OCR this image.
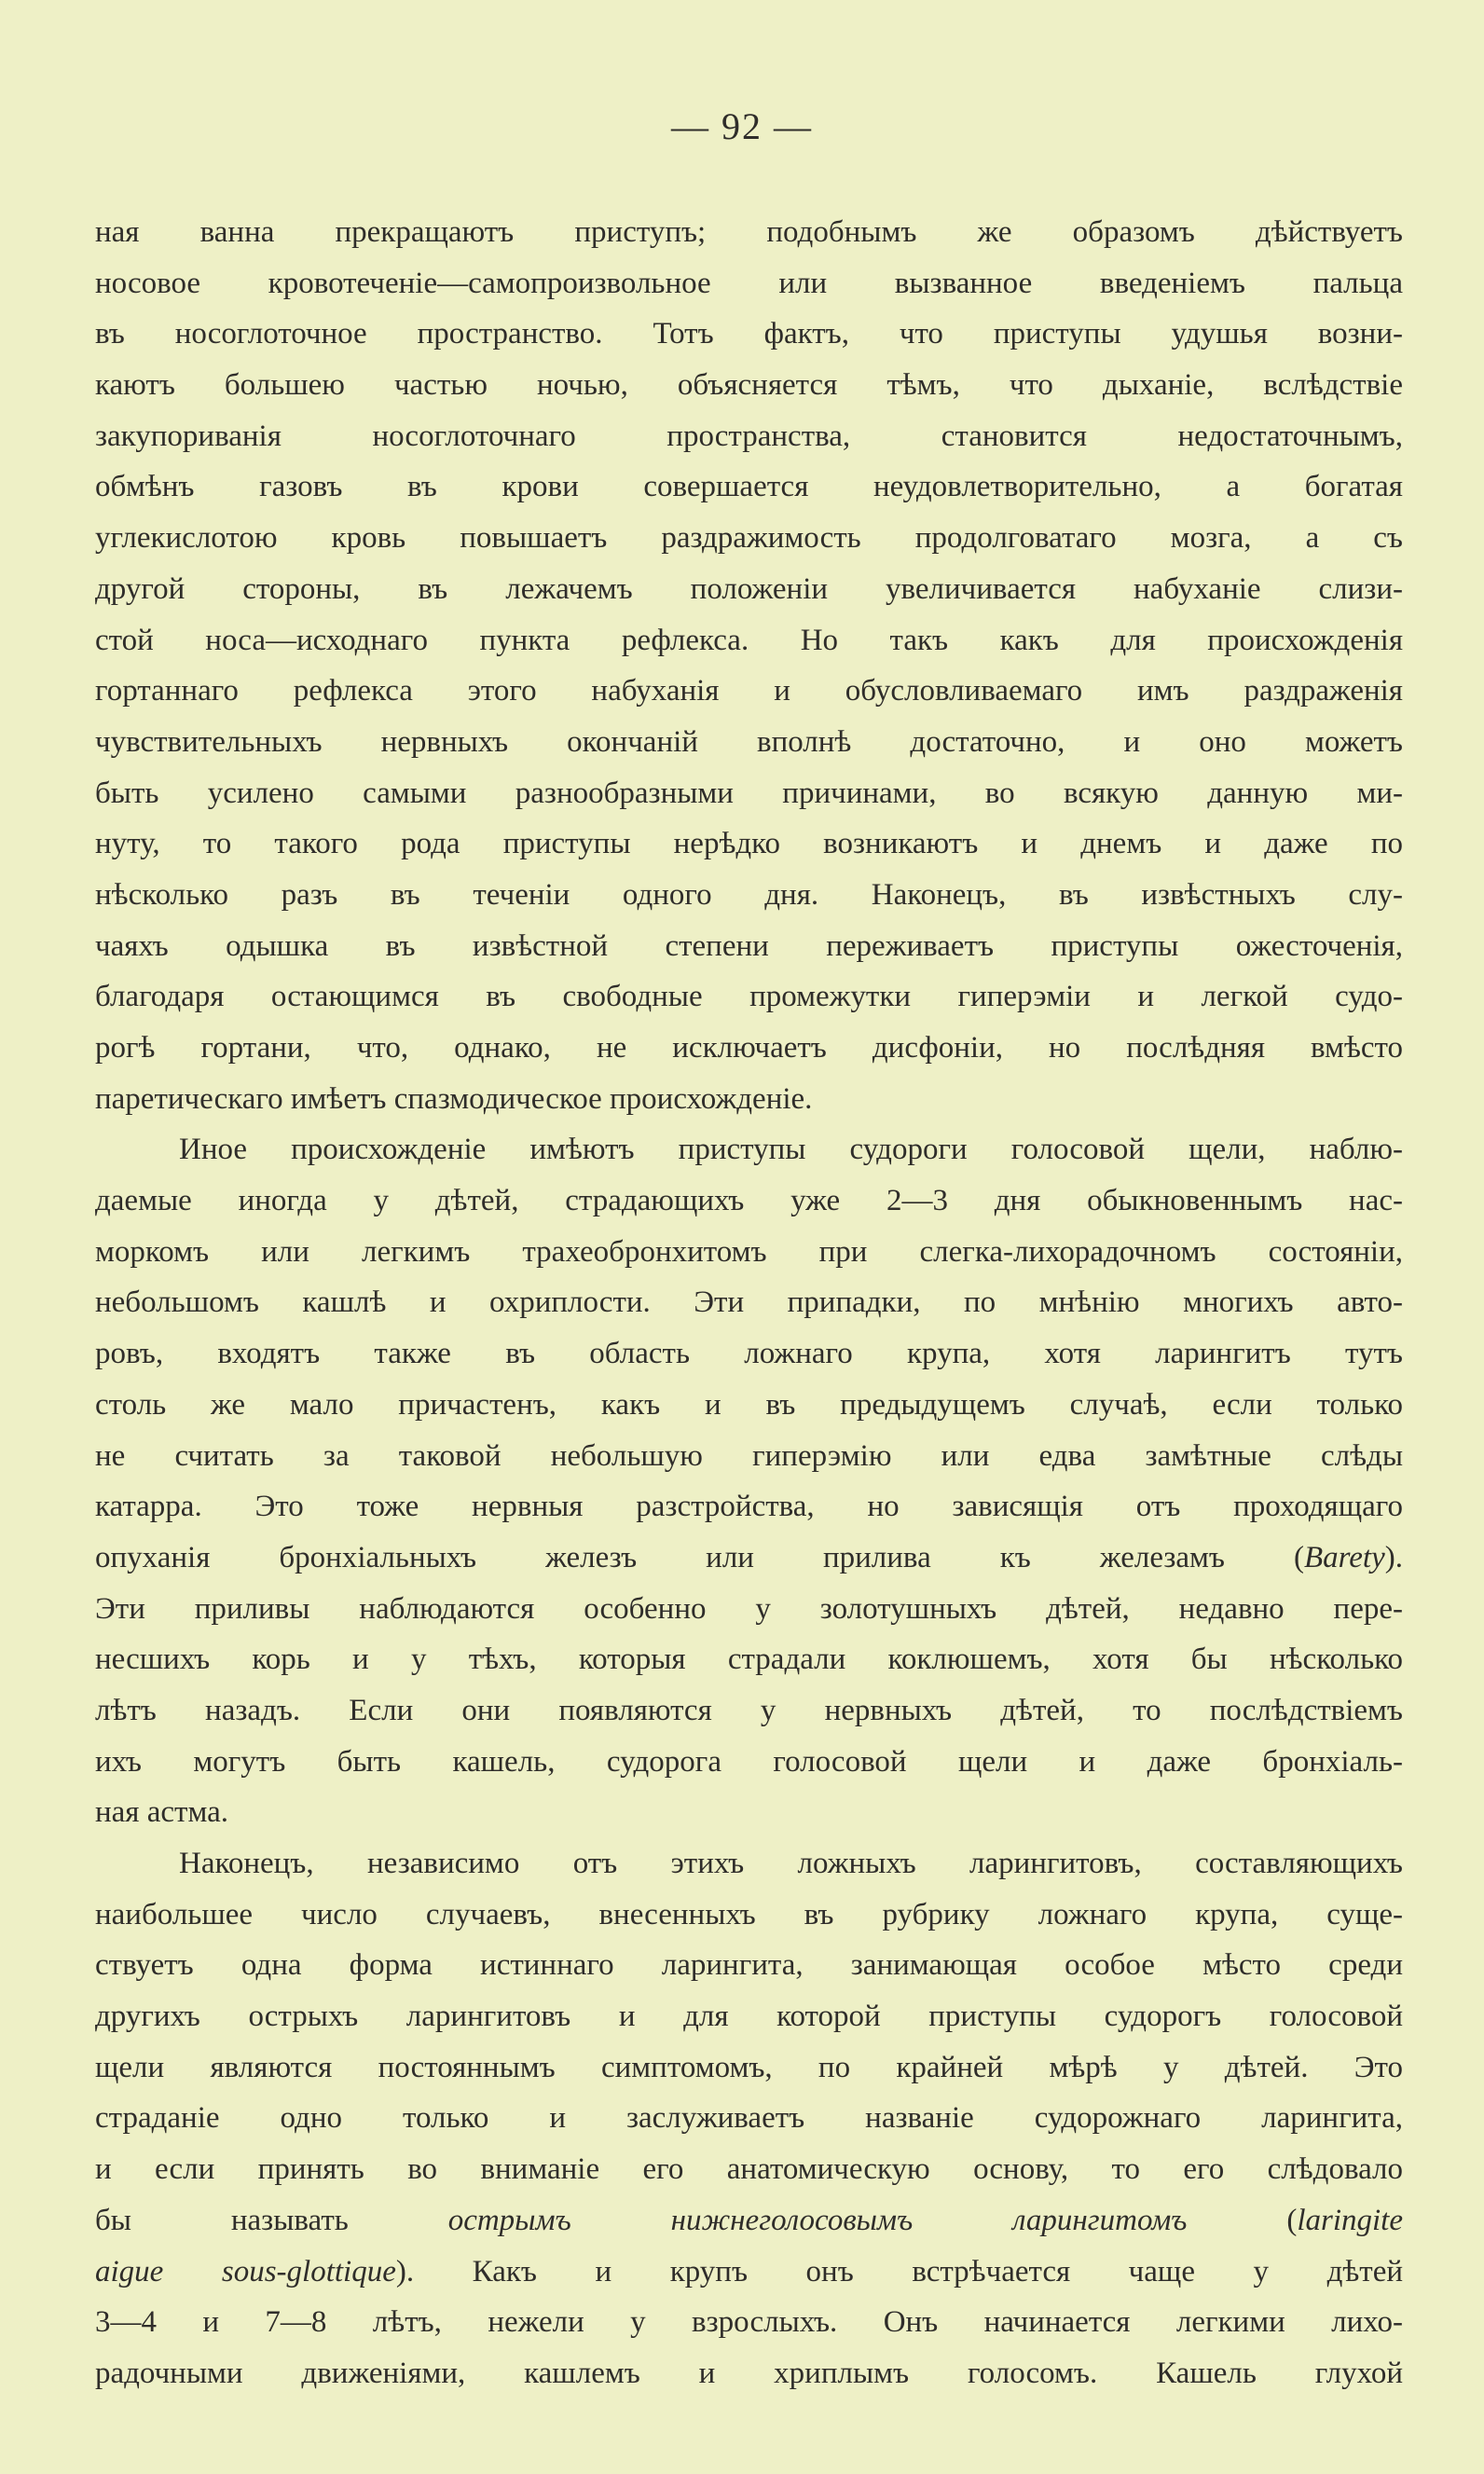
— 92 —
ная ванна прекращаютъ приступъ; подобнымъ же образомъ дѣйствуетъ
носовое кровотеченіе—самопроизвольное или вызванное введеніемъ пальца
въ носоглоточное пространство. Тотъ фактъ, что приступы удушья возни-
каютъ большею частью ночью, объясняется тѣмъ, что дыханіе, вслѣдствіе
закупориванія носоглоточнаго пространства, становится недостаточнымъ,
обмѣнъ газовъ въ крови совершается неудовлетворительно, а богатая
углекислотою кровь повышаетъ раздражимость продолговатаго мозга, а съ
другой стороны, въ лежачемъ положеніи увеличивается набуханіе слизи-
стой носа—исходнаго пункта рефлекса. Но такъ какъ для происхожденія
гортаннаго рефлекса этого набуханія и обусловливаемаго имъ раздраженія
чувствительныхъ нервныхъ окончаній вполнѣ достаточно, и оно можетъ
быть усилено самыми разнообразными причинами, во всякую данную ми-
нуту, то такого рода приступы нерѣдко возникаютъ и днемъ и даже по
нѣсколько разъ въ теченіи одного дня. Наконецъ, въ извѣстныхъ слу-
чаяхъ одышка въ извѣстной степени переживаетъ приступы ожесточенія,
благодаря остающимся въ свободные промежутки гиперэміи и легкой судо-
рогѣ гортани, что, однако, не исключаетъ дисфоніи, но послѣдняя вмѣсто
паретическаго имѣетъ спазмодическое происхожденіе.
Иное происхожденіе имѣютъ приступы судороги голосовой щели, наблю-
даемые иногда у дѣтей, страдающихъ уже 2—3 дня обыкновеннымъ нас-
моркомъ или легкимъ трахеобронхитомъ при слегка-лихорадочномъ состояніи,
небольшомъ кашлѣ и охриплости. Эти припадки, по мнѣнію многихъ авто-
ровъ, входятъ также въ область ложнаго крупа, хотя ларингитъ тутъ
столь же мало причастенъ, какъ и въ предыдущемъ случаѣ, если только
не считать за таковой небольшую гиперэмію или едва замѣтные слѣды
катарра. Это тоже нервныя разстройства, но зависящія отъ проходящаго
опуханія бронхіальныхъ железъ или прилива къ железамъ (Barety).
Эти приливы наблюдаются особенно у золотушныхъ дѣтей, недавно пере-
несшихъ корь и у тѣхъ, которыя страдали коклюшемъ, хотя бы нѣсколько
лѣтъ назадъ. Если они появляются у нервныхъ дѣтей, то послѣдствіемъ
ихъ могутъ быть кашель, судорога голосовой щели и даже бронхіаль-
ная астма.
Наконецъ, независимо отъ этихъ ложныхъ ларингитовъ, составляющихъ
наибольшее число случаевъ, внесенныхъ въ рубрику ложнаго крупа, суще-
ствуетъ одна форма истиннаго ларингита, занимающая особое мѣсто среди
другихъ острыхъ ларингитовъ и для которой приступы судорогъ голосовой
щели являются постояннымъ симптомомъ, по крайней мѣрѣ у дѣтей. Это
страданіе одно только и заслуживаетъ названіе судорожнаго ларингита,
и если принять во вниманіе его анатомическую основу, то его слѣдовало
бы называть острымъ нижнеголосовымъ ларингитомъ (laringite
aigue sous-glottique). Какъ и крупъ онъ встрѣчается чаще у дѣтей
3—4 и 7—8 лѣтъ, нежели у взрослыхъ. Онъ начинается легкими лихо-
радочными движеніями, кашлемъ и хриплымъ голосомъ. Кашель глухой
